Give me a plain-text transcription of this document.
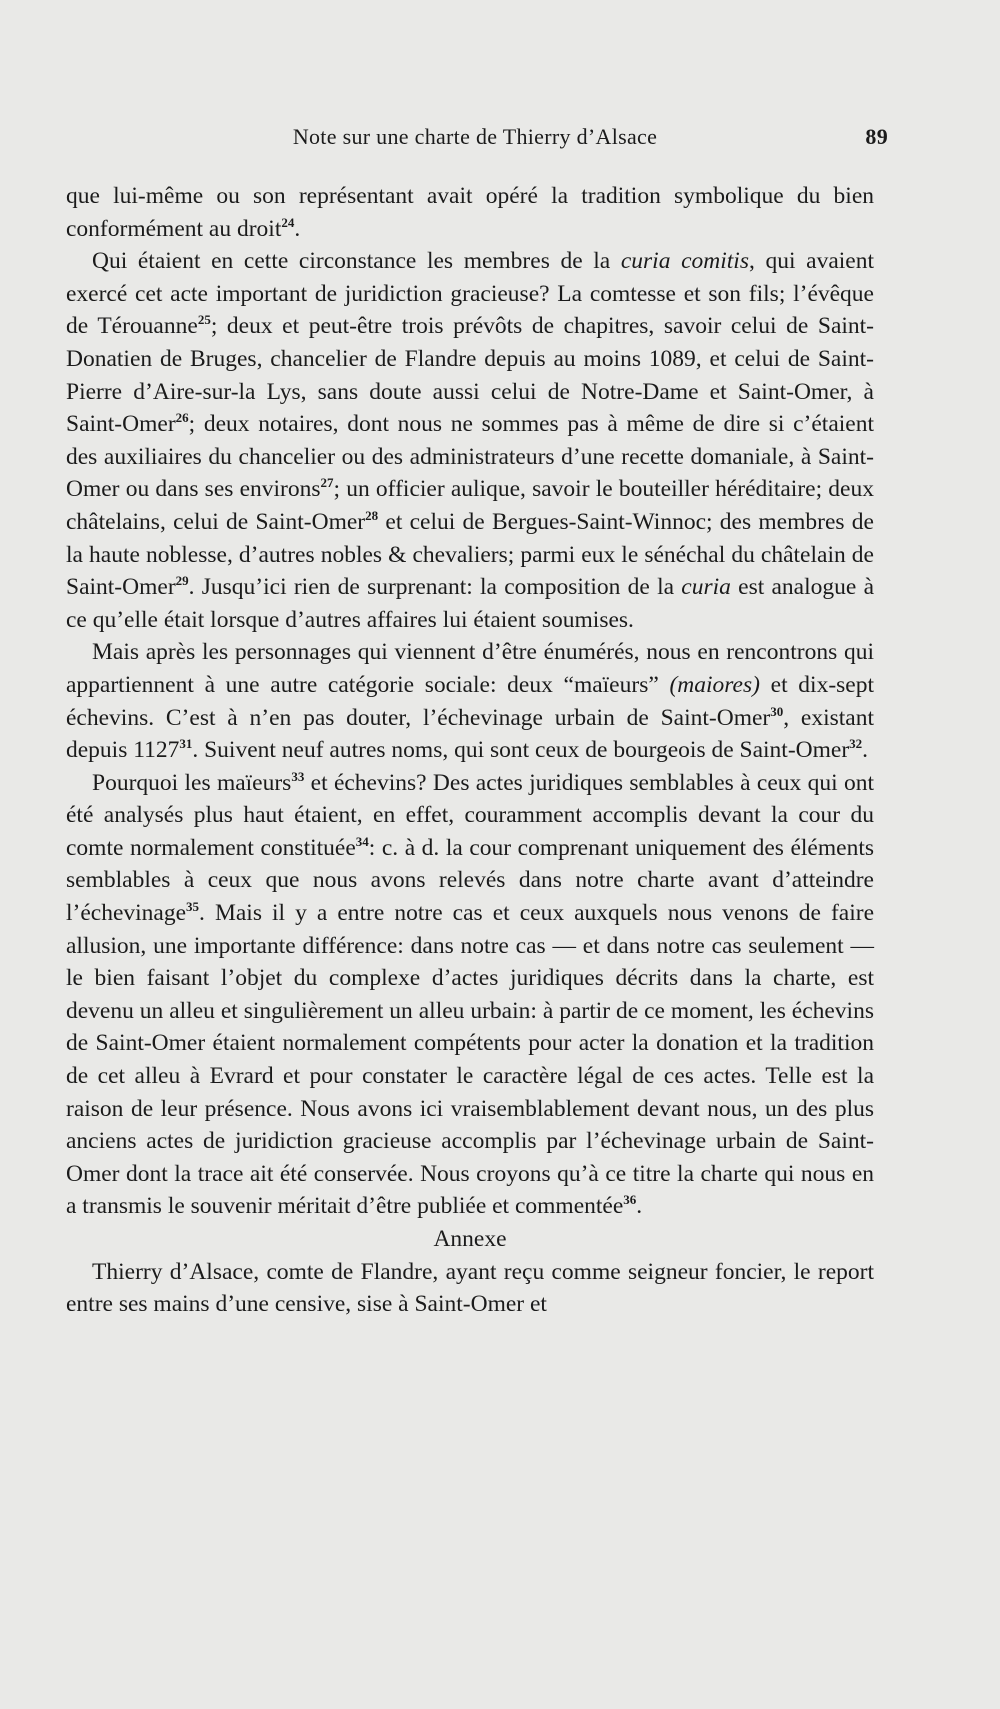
Note sur une charte de Thierry d’Alsace	89

que lui-même ou son représentant avait opéré la tradition symbolique du bien conformément au droit$^{24}$.

Qui étaient en cette circonstance les membres de la curia comitis, qui avaient exercé cet acte important de juridiction gracieuse? La comtesse et son fils; l’évêque de Térouanne$^{25}$; deux et peut-être trois prévôts de chapitres, savoir celui de Saint-Donatien de Bruges, chancelier de Flandre depuis au moins 1089, et celui de Saint-Pierre d’Aire-sur-la Lys, sans doute aussi celui de Notre-Dame et Saint-Omer, à Saint-Omer$^{26}$; deux notaires, dont nous ne sommes pas à même de dire si c’étaient des auxiliaires du chancelier ou des administrateurs d’une recette domaniale, à Saint-Omer ou dans ses environs$^{27}$; un officier aulique, savoir le bouteiller héréditaire; deux châtelains, celui de Saint-Omer$^{28}$ et celui de Bergues-Saint-Winnoc; des membres de la haute noblesse, d’autres nobles & chevaliers; parmi eux le sénéchal du châtelain de Saint-Omer$^{29}$. Jusqu’ici rien de surprenant: la composition de la curia est analogue à ce qu’elle était lorsque d’autres affaires lui étaient soumises.

Mais après les personnages qui viennent d’être énumérés, nous en rencontrons qui appartiennent à une autre catégorie sociale: deux “maïeurs” (maiores) et dix-sept échevins. C’est à n’en pas douter, l’échevinage urbain de Saint-Omer$^{30}$, existant depuis 1127$^{31}$. Suivent neuf autres noms, qui sont ceux de bourgeois de Saint-Omer$^{32}$.

Pourquoi les maïeurs$^{33}$ et échevins? Des actes juridiques semblables à ceux qui ont été analysés plus haut étaient, en effet, couramment accomplis devant la cour du comte normalement constituée$^{34}$: c. à d. la cour comprenant uniquement des éléments semblables à ceux que nous avons relevés dans notre charte avant d’atteindre l’échevinage$^{35}$. Mais il y a entre notre cas et ceux auxquels nous venons de faire allusion, une importante différence: dans notre cas — et dans notre cas seulement — le bien faisant l’objet du complexe d’actes juridiques décrits dans la charte, est devenu un alleu et singulièrement un alleu urbain: à partir de ce moment, les échevins de Saint-Omer étaient normalement compétents pour acter la donation et la tradition de cet alleu à Evrard et pour constater le caractère légal de ces actes. Telle est la raison de leur présence. Nous avons ici vraisemblablement devant nous, un des plus anciens actes de juridiction gracieuse accomplis par l’échevinage urbain de Saint-Omer dont la trace ait été conservée. Nous croyons qu’à ce titre la charte qui nous en a transmis le souvenir méritait d’être publiée et commentée$^{36}$.

Annexe

Thierry d’Alsace, comte de Flandre, ayant reçu comme seigneur foncier, le report entre ses mains d’une censive, sise à Saint-Omer et
